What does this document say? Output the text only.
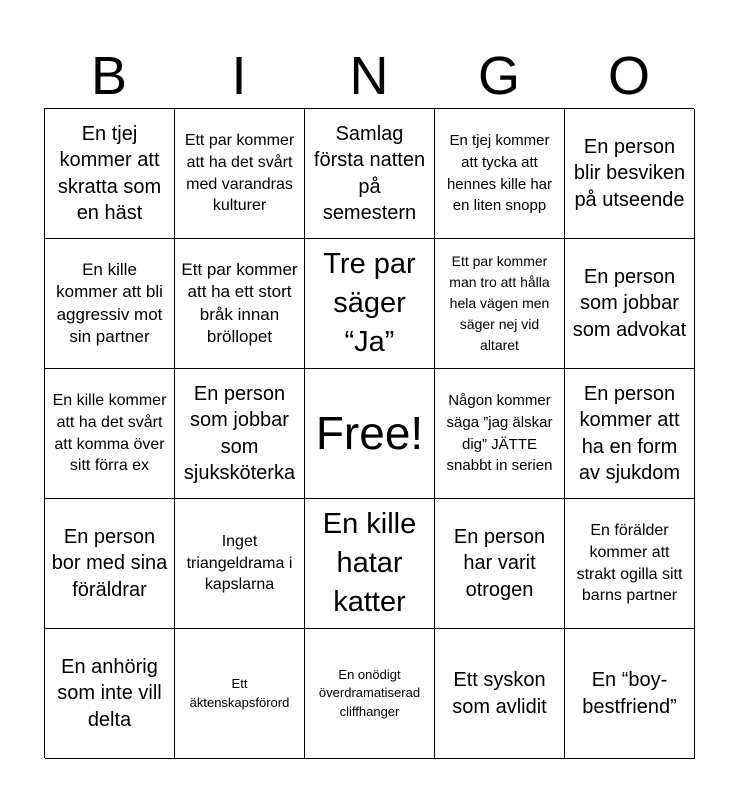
B	I	N	G	O
En tjej kommer att skratta som en häst
Ett par kommer att ha det svårt med varandras kulturer
Samlag första natten på semestern
En tjej kommer att tycka att hennes kille har en liten snopp
En person blir besviken på utseende
En kille kommer att bli aggressiv mot sin partner
Ett par kommer att ha ett stort bråk innan bröllopet
Tre par säger “Ja”
Ett par kommer man tro att hålla hela vägen men säger nej vid altaret
En person som jobbar som advokat
En kille kommer att ha det svårt att komma över sitt förra ex
En person som jobbar som sjuksköterka
Free!
Någon kommer säga ”jag älskar dig” JÄTTE snabbt in serien
En person kommer att ha en form av sjukdom
En person bor med sina föräldrar
Inget triangeldrama i kapslarna
En kille hatar katter
En person har varit otrogen
En förälder kommer att strakt ogilla sitt barns partner
En anhörig som inte vill delta
Ett äktenskapsförord
En onödigt överdramatiserad cliffhanger
Ett syskon som avlidit
En “boy-bestfriend”
